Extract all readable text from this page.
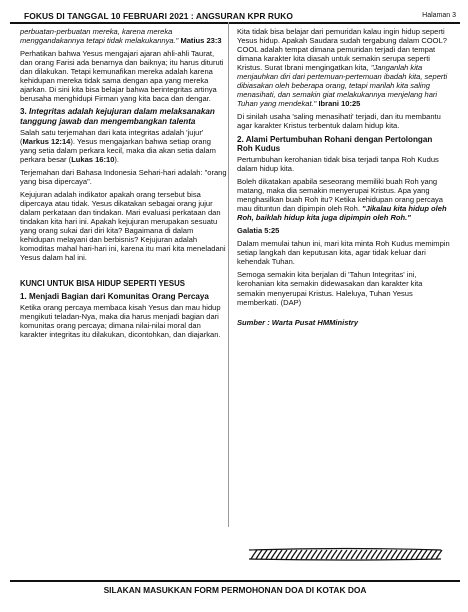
FOKUS DI TANGGAL 10 FEBRUARI 2021 : ANGSURAN KPR RUKO	Halaman 3

perbuatan-perbuatan mereka, karena mereka menggandakannya tetapi tidak melakukannya." Matius 23:3

Perhatikan bahwa Yesus mengajari ajaran ahli-ahli Taurat, dan orang Farisi ada benarnya dan baiknya; itu harus dituruti dan dilakukan. Tetapi kemunafikan mereka adalah karena kehidupan mereka tidak sama dengan apa yang mereka ajarkan. Di sini kita bisa belajar bahwa berintegritas artinya berusaha menghidupi Firman yang kita baca dan dengar.

3. Integritas adalah kejujuran dalam melaksanakan tanggung jawab dan mengembangkan talenta

Salah satu terjemahan dari kata integritas adalah 'jujur' (Markus 12:14). Yesus mengajarkan bahwa setiap orang yang setia dalam perkara kecil, maka dia akan setia dalam perkara besar (Lukas 16:10).

Terjemahan dari Bahasa Indonesia Sehari-hari adalah: "orang yang bisa dipercaya".

Kejujuran adalah indikator apakah orang tersebut bisa dipercaya atau tidak. Yesus dikatakan sebagai orang jujur dalam perkataan dan tindakan. Mari evaluasi perkataan dan tindakan kita hari ini. Apakah kejujuran merupakan sesuatu yang orang sukai dari diri kita? Bagaimana di dalam kehidupan melayani dan berbisnis? Kejujuran adalah komoditas mahal hari-hari ini, karena itu mari kita meneladani Yesus dalam hal ini.

KUNCI UNTUK BISA HIDUP SEPERTI YESUS
1. Menjadi Bagian dari Komunitas Orang Percaya

Ketika orang percaya membaca kisah Yesus dan mau hidup mengikuti teladan-Nya, maka dia harus menjadi bagian dari komunitas orang percaya; dimana nilai-nilai moral dan karakter integritas itu dilakukan, dicontohkan, dan diajarkan.

Kita tidak bisa belajar dari pemuridan kalau ingin hidup seperti Yesus hidup. Apakah Saudara sudah tergabung dalam COOL? COOL adalah tempat dimana pemuridan terjadi dan tempat dimana karakter kita diasah untuk semakin serupa seperti Kristus. Surat Ibrani mengingatkan kita, "Janganlah kita menjauhkan diri dari pertemuan-pertemuan ibadah kita, seperti dibiasakan oleh beberapa orang, tetapi marilah kita saling menasihati, dan semakin giat melakukannya menjelang hari Tuhan yang mendekat." Ibrani 10:25

Di sinilah usaha 'saling menasihati' terjadi, dan itu membantu agar karakter Kristus terbentuk dalam hidup kita.

2. Alami Pertumbuhan Rohani dengan Pertolongan Roh Kudus

Pertumbuhan kerohanian tidak bisa terjadi tanpa Roh Kudus dalam hidup kita.

Boleh dikatakan apabila seseorang memiliki buah Roh yang matang, maka dia semakin menyerupai Kristus. Apa yang menghasilkan buah Roh itu? Ketika kehidupan orang percaya mau dituntun dan dipimpin oleh Roh. "Jikalau kita hidup oleh Roh, baiklah hidup kita juga dipimpin oleh Roh."

Galatia 5:25

Dalam memulai tahun ini, mari kita minta Roh Kudus memimpin setiap langkah dan keputusan kita, agar tidak keluar dari kehendak Tuhan.

Semoga semakin kita berjalan di 'Tahun Integritas' ini, kerohanian kita semakin didewasakan dan karakter kita semakin menyerupai Kristus. Haleluya, Tuhan Yesus memberkati. (DAP)

Sumber : Warta Pusat HMMinistry

SILAKAN MASUKKAN FORM PERMOHONAN DOA DI KOTAK DOA
